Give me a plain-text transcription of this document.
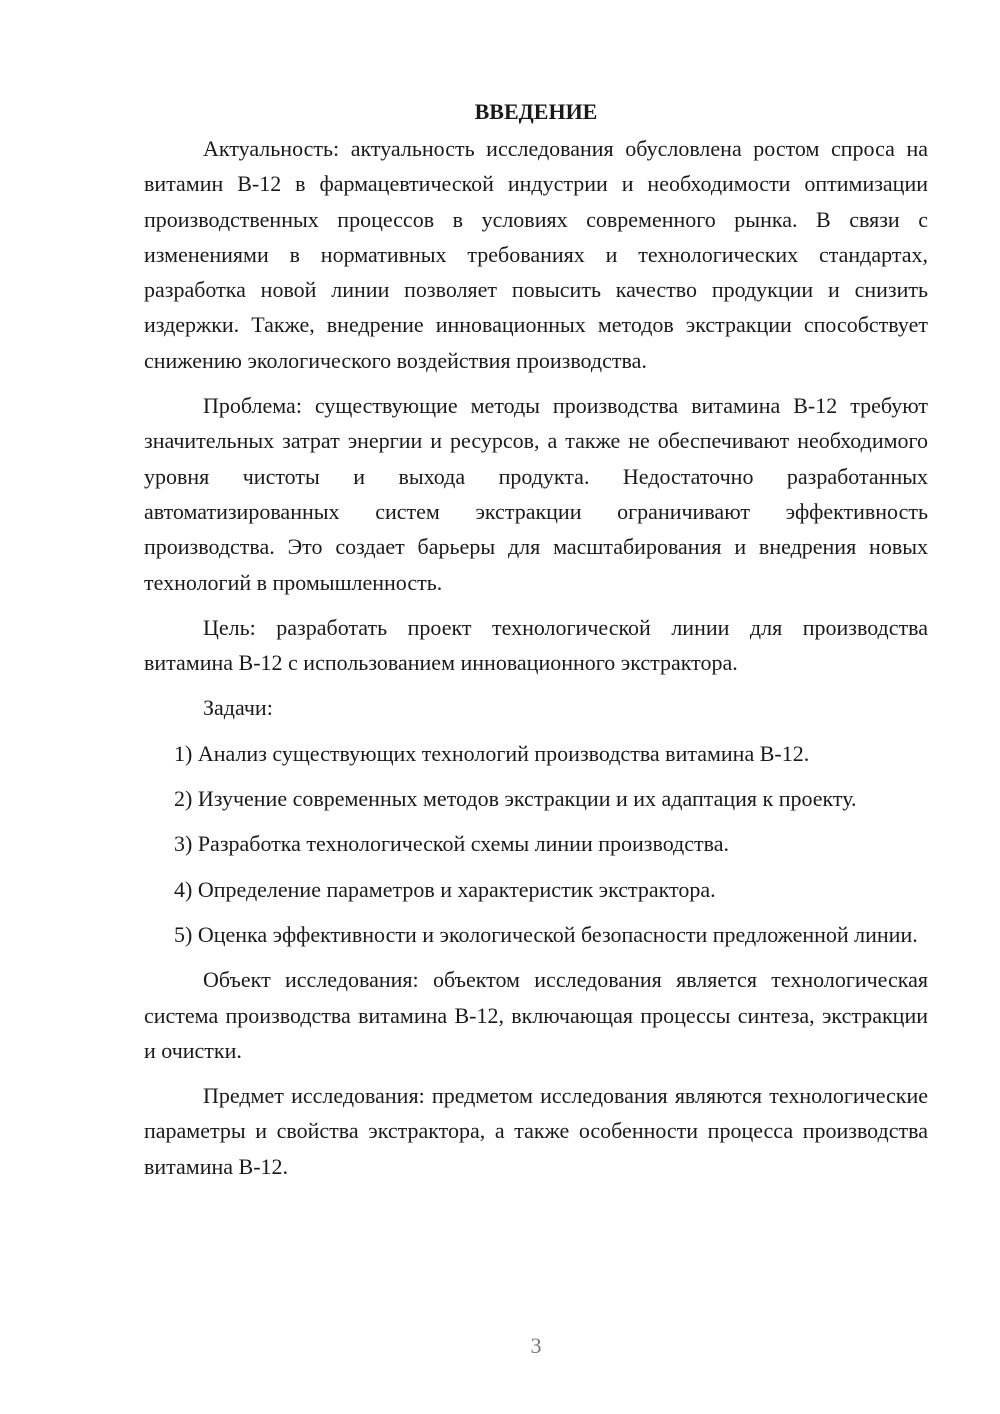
ВВЕДЕНИЕ

Актуальность: актуальность исследования обусловлена ростом спроса на витамин B-12 в фармацевтической индустрии и необходимости оптимизации производственных процессов в условиях современного рынка. В связи с изменениями в нормативных требованиях и технологических стандартах, разработка новой линии позволяет повысить качество продукции и снизить издержки. Также, внедрение инновационных методов экстракции способствует снижению экологического воздействия производства.

Проблема: существующие методы производства витамина B-12 требуют значительных затрат энергии и ресурсов, а также не обеспечивают необходимого уровня чистоты и выхода продукта. Недостаточно разработанных автоматизированных систем экстракции ограничивают эффективность производства. Это создает барьеры для масштабирования и внедрения новых технологий в промышленность.

Цель: разработать проект технологической линии для производства витамина B-12 с использованием инновационного экстрактора.

Задачи:

1) Анализ существующих технологий производства витамина B-12.

2) Изучение современных методов экстракции и их адаптация к проекту.

3) Разработка технологической схемы линии производства.

4) Определение параметров и характеристик экстрактора.

5) Оценка эффективности и экологической безопасности предложенной линии.

Объект исследования: объектом исследования является технологическая система производства витамина B-12, включающая процессы синтеза, экстракции и очистки.

Предмет исследования: предметом исследования являются технологические параметры и свойства экстрактора, а также особенности процесса производства витамина B-12.

3
